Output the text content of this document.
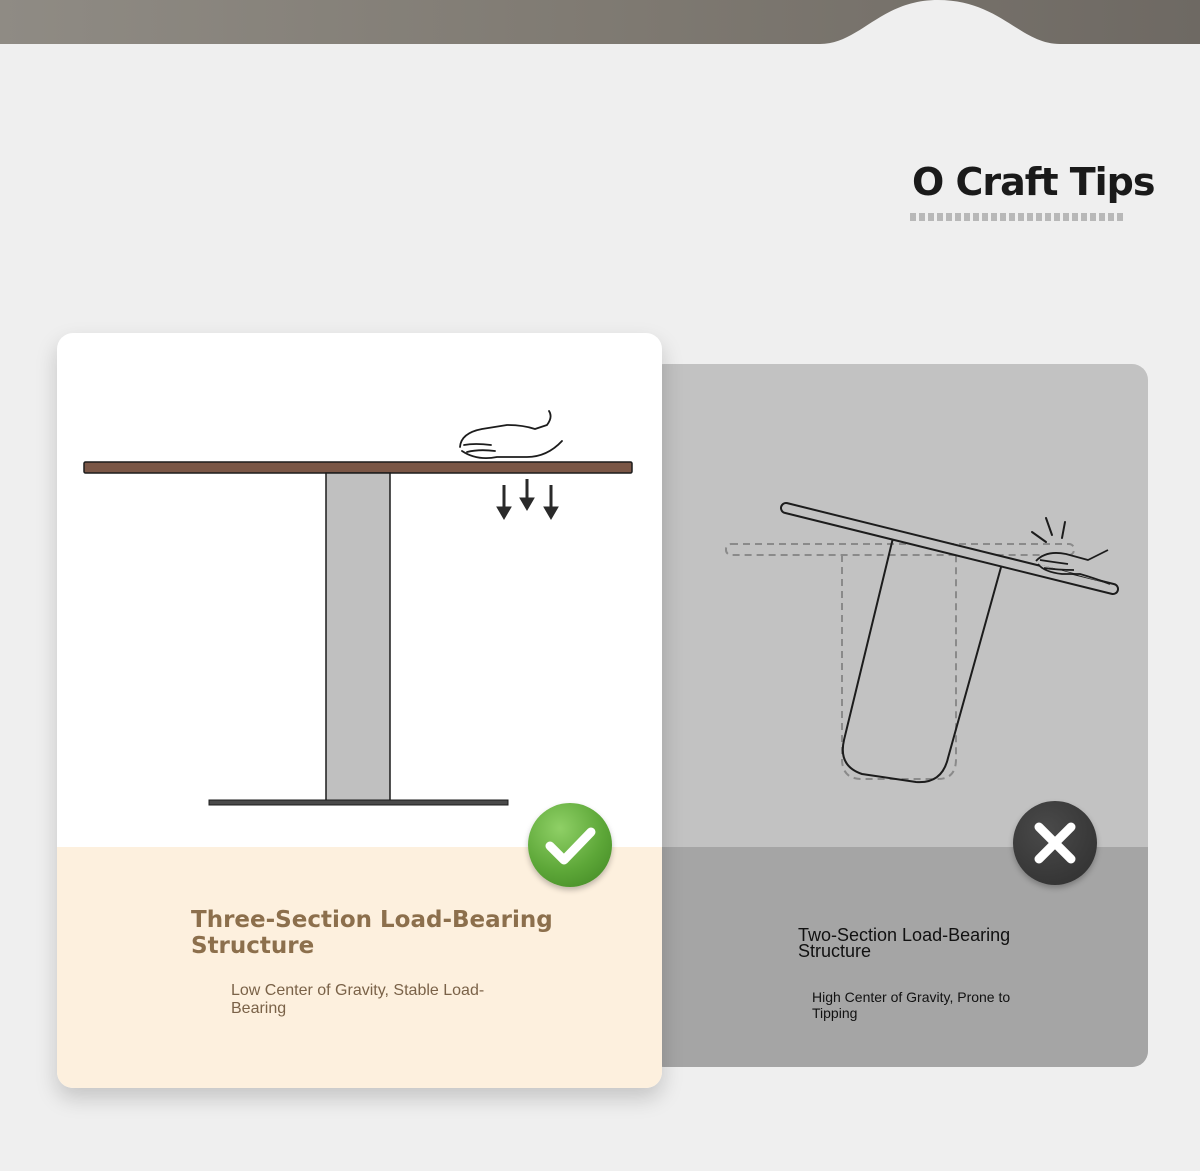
O Craft Tips
Two-Section Load-Bearing Structure
High Center of Gravity, Prone to Tipping
Three-Section Load-Bearing Structure
Low Center of Gravity, Stable Load-Bearing
